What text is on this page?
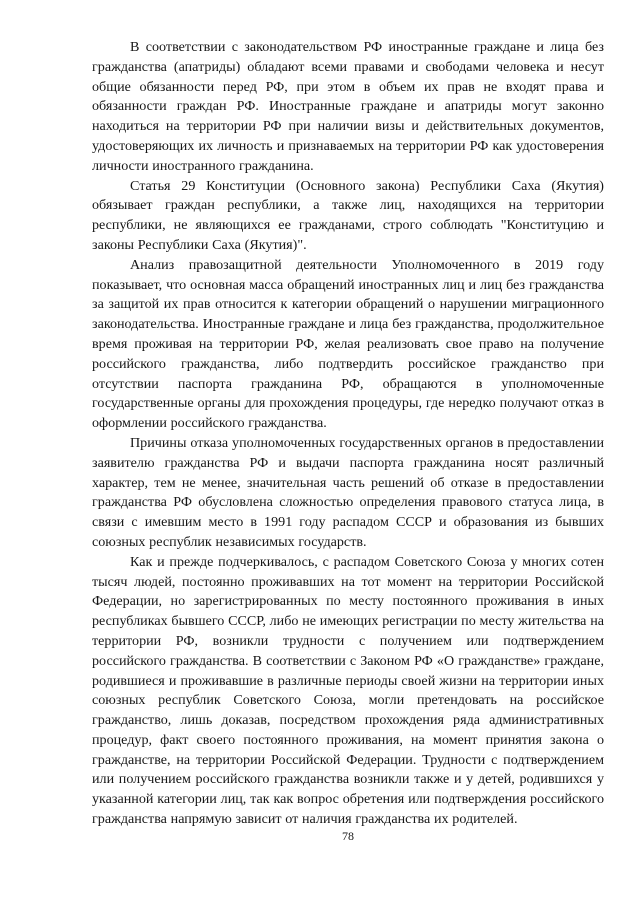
В соответствии с законодательством РФ иностранные граждане и лица без гражданства (апатриды) обладают всеми правами и свободами человека и несут общие обязанности перед РФ, при этом в объем их прав не входят права и обязанности граждан РФ. Иностранные граждане и апатриды могут законно находиться на территории РФ при наличии визы и действительных документов, удостоверяющих их личность и признаваемых на территории РФ как удостоверения личности иностранного гражданина.

Статья 29 Конституции (Основного закона) Республики Саха (Якутия) обязывает граждан республики, а также лиц, находящихся на территории республики, не являющихся ее гражданами, строго соблюдать "Конституцию и законы Республики Саха (Якутия)".

Анализ правозащитной деятельности Уполномоченного в 2019 году показывает, что основная масса обращений иностранных лиц и лиц без гражданства за защитой их прав относится к категории обращений о нарушении миграционного законодательства. Иностранные граждане и лица без гражданства, продолжительное время проживая на территории РФ, желая реализовать свое право на получение российского гражданства, либо подтвердить российское гражданство при отсутствии паспорта гражданина РФ, обращаются в уполномоченные государственные органы для прохождения процедуры, где нередко получают отказ в оформлении российского гражданства.

Причины отказа уполномоченных государственных органов в предоставлении заявителю гражданства РФ и выдачи паспорта гражданина носят различный характер, тем не менее, значительная часть решений об отказе в предоставлении гражданства РФ обусловлена сложностью определения правового статуса лица, в связи с имевшим место в 1991 году распадом СССР и образования из бывших союзных республик независимых государств.

Как и прежде подчеркивалось, с распадом Советского Союза у многих сотен тысяч людей, постоянно проживавших на тот момент на территории Российской Федерации, но зарегистрированных по месту постоянного проживания в иных республиках бывшего СССР, либо не имеющих регистрации по месту жительства на территории РФ, возникли трудности с получением или подтверждением российского гражданства. В соответствии с Законом РФ «О гражданстве» граждане, родившиеся и проживавшие в различные периоды своей жизни на территории иных союзных республик Советского Союза, могли претендовать на российское гражданство, лишь доказав, посредством прохождения ряда административных процедур, факт своего постоянного проживания, на момент принятия закона о гражданстве, на территории Российской Федерации. Трудности с подтверждением или получением российского гражданства возникли также и у детей, родившихся у указанной категории лиц, так как вопрос обретения или подтверждения российского гражданства напрямую зависит от наличия гражданства их родителей.

78
